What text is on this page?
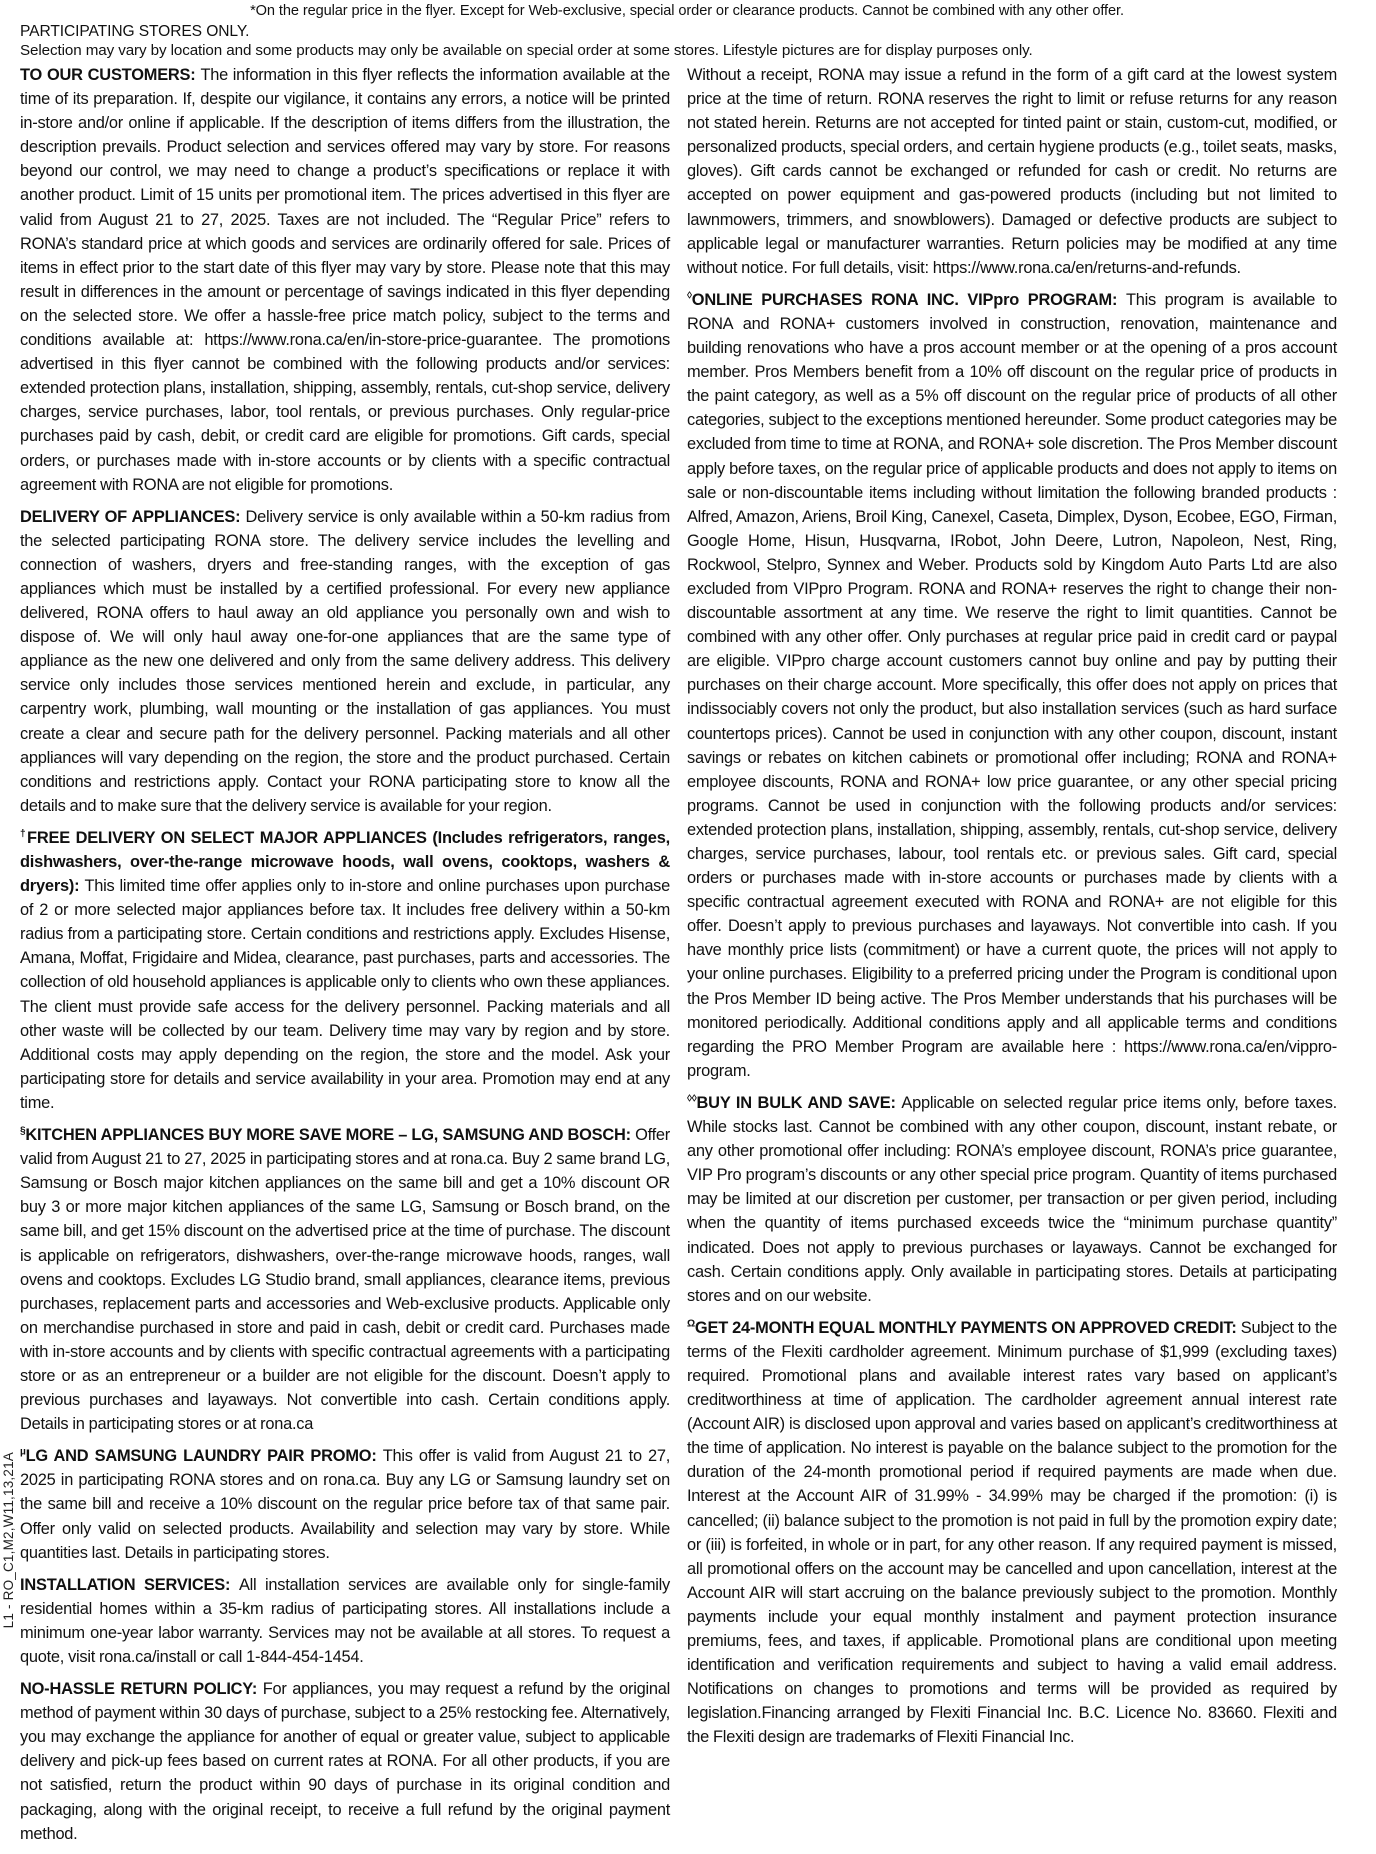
*On the regular price in the flyer. Except for Web-exclusive, special order or clearance products. Cannot be combined with any other offer.
PARTICIPATING STORES ONLY.
Selection may vary by location and some products may only be available on special order at some stores. Lifestyle pictures are for display purposes only.

TO OUR CUSTOMERS: The information in this flyer reflects the information available at the time of its preparation. If, despite our vigilance, it contains any errors, a notice will be printed in-store and/or online if applicable. If the description of items differs from the illustration, the description prevails. Product selection and services offered may vary by store. For reasons beyond our control, we may need to change a product’s specifications or replace it with another product. Limit of 15 units per promotional item. The prices advertised in this flyer are valid from August 21 to 27, 2025. Taxes are not included. The “Regular Price” refers to RONA’s standard price at which goods and services are ordinarily offered for sale. Prices of items in effect prior to the start date of this flyer may vary by store. Please note that this may result in differences in the amount or percentage of savings indicated in this flyer depending on the selected store. We offer a hassle-free price match policy, subject to the terms and conditions available at: https://www.rona.ca/en/in-store-price-guarantee. The promotions advertised in this flyer cannot be combined with the following products and/or services: extended protection plans, installation, shipping, assembly, rentals, cut-shop service, delivery charges, service purchases, labor, tool rentals, or previous purchases. Only regular-price purchases paid by cash, debit, or credit card are eligible for promotions. Gift cards, special orders, or purchases made with in-store accounts or by clients with a specific contractual agreement with RONA are not eligible for promotions.

DELIVERY OF APPLIANCES: Delivery service is only available within a 50-km radius from the selected participating RONA store. The delivery service includes the levelling and connection of washers, dryers and free-standing ranges, with the exception of gas appliances which must be installed by a certified professional. For every new appliance delivered, RONA offers to haul away an old appliance you personally own and wish to dispose of. We will only haul away one-for-one appliances that are the same type of appliance as the new one delivered and only from the same delivery address. This delivery service only includes those services mentioned herein and exclude, in particular, any carpentry work, plumbing, wall mounting or the installation of gas appliances. You must create a clear and secure path for the delivery personnel. Packing materials and all other appliances will vary depending on the region, the store and the product purchased. Certain conditions and restrictions apply. Contact your RONA participating store to know all the details and to make sure that the delivery service is available for your region.

†FREE DELIVERY ON SELECT MAJOR APPLIANCES (Includes refrigerators, ranges, dishwashers, over-the-range microwave hoods, wall ovens, cooktops, washers & dryers): This limited time offer applies only to in-store and online purchases upon purchase of 2 or more selected major appliances before tax. It includes free delivery within a 50-km radius from a participating store. Certain conditions and restrictions apply. Excludes Hisense, Amana, Moffat, Frigidaire and Midea, clearance, past purchases, parts and accessories. The collection of old household appliances is applicable only to clients who own these appliances. The client must provide safe access for the delivery personnel. Packing materials and all other waste will be collected by our team. Delivery time may vary by region and by store. Additional costs may apply depending on the region, the store and the model. Ask your participating store for details and service availability in your area. Promotion may end at any time.

§KITCHEN APPLIANCES BUY MORE SAVE MORE – LG, SAMSUNG AND BOSCH: Offer valid from August 21 to 27, 2025 in participating stores and at rona.ca. Buy 2 same brand LG, Samsung or Bosch major kitchen appliances on the same bill and get a 10% discount OR buy 3 or more major kitchen appliances of the same LG, Samsung or Bosch brand, on the same bill, and get 15% discount on the advertised price at the time of purchase. The discount is applicable on refrigerators, dishwashers, over-the-range microwave hoods, ranges, wall ovens and cooktops. Excludes LG Studio brand, small appliances, clearance items, previous purchases, replacement parts and accessories and Web-exclusive products. Applicable only on merchandise purchased in store and paid in cash, debit or credit card. Purchases made with in-store accounts and by clients with specific contractual agreements with a participating store or as an entrepreneur or a builder are not eligible for the discount. Doesn’t apply to previous purchases and layaways. Not convertible into cash. Certain conditions apply. Details in participating stores or at rona.ca

$^\mu$LG AND SAMSUNG LAUNDRY PAIR PROMO: This offer is valid from August 21 to 27, 2025 in participating RONA stores and on rona.ca. Buy any LG or Samsung laundry set on the same bill and receive a 10% discount on the regular price before tax of that same pair. Offer only valid on selected products. Availability and selection may vary by store. While quantities last. Details in participating stores.

INSTALLATION SERVICES: All installation services are available only for single-family residential homes within a 35-km radius of participating stores. All installations include a minimum one-year labor warranty. Services may not be available at all stores. To request a quote, visit rona.ca/install or call 1-844-454-1454.

NO-HASSLE RETURN POLICY: For appliances, you may request a refund by the original method of payment within 30 days of purchase, subject to a 25% restocking fee. Alternatively, you may exchange the appliance for another of equal or greater value, subject to applicable delivery and pick-up fees based on current rates at RONA. For all other products, if you are not satisfied, return the product within 90 days of purchase in its original condition and packaging, along with the original receipt, to receive a full refund by the original payment method.

Without a receipt, RONA may issue a refund in the form of a gift card at the lowest system price at the time of return. RONA reserves the right to limit or refuse returns for any reason not stated herein. Returns are not accepted for tinted paint or stain, custom-cut, modified, or personalized products, special orders, and certain hygiene products (e.g., toilet seats, masks, gloves). Gift cards cannot be exchanged or refunded for cash or credit. No returns are accepted on power equipment and gas-powered products (including but not limited to lawnmowers, trimmers, and snowblowers). Damaged or defective products are subject to applicable legal or manufacturer warranties. Return policies may be modified at any time without notice. For full details, visit: https://www.rona.ca/en/returns-and-refunds.

◊ONLINE PURCHASES RONA INC. VIPpro PROGRAM: This program is available to RONA and RONA+ customers involved in construction, renovation, maintenance and building renovations who have a pros account member or at the opening of a pros account member. Pros Members benefit from a 10% off discount on the regular price of products in the paint category, as well as a 5% off discount on the regular price of products of all other categories, subject to the exceptions mentioned hereunder. Some product categories may be excluded from time to time at RONA, and RONA+ sole discretion. The Pros Member discount apply before taxes, on the regular price of applicable products and does not apply to items on sale or non-discountable items including without limitation the following branded products : Alfred, Amazon, Ariens, Broil King, Canexel, Caseta, Dimplex, Dyson, Ecobee, EGO, Firman, Google Home, Hisun, Husqvarna, IRobot, John Deere, Lutron, Napoleon, Nest, Ring, Rockwool, Stelpro, Synnex and Weber. Products sold by Kingdom Auto Parts Ltd are also excluded from VIPpro Program. RONA and RONA+ reserves the right to change their non-discountable assortment at any time. We reserve the right to limit quantities. Cannot be combined with any other offer. Only purchases at regular price paid in credit card or paypal are eligible. VIPpro charge account customers cannot buy online and pay by putting their purchases on their charge account. More specifically, this offer does not apply on prices that indissociably covers not only the product, but also installation services (such as hard surface countertops prices). Cannot be used in conjunction with any other coupon, discount, instant savings or rebates on kitchen cabinets or promotional offer including; RONA and RONA+ employee discounts, RONA and RONA+ low price guarantee, or any other special pricing programs. Cannot be used in conjunction with the following products and/or services: extended protection plans, installation, shipping, assembly, rentals, cut-shop service, delivery charges, service purchases, labour, tool rentals etc. or previous sales. Gift card, special orders or purchases made with in-store accounts or purchases made by clients with a specific contractual agreement executed with RONA and RONA+ are not eligible for this offer. Doesn’t apply to previous purchases and layaways. Not convertible into cash. If you have monthly price lists (commitment) or have a current quote, the prices will not apply to your online purchases. Eligibility to a preferred pricing under the Program is conditional upon the Pros Member ID being active. The Pros Member understands that his purchases will be monitored periodically. Additional conditions apply and all applicable terms and conditions regarding the PRO Member Program are available here : https://www.rona.ca/en/vippro-program.

◊◊BUY IN BULK AND SAVE: Applicable on selected regular price items only, before taxes. While stocks last. Cannot be combined with any other coupon, discount, instant rebate, or any other promotional offer including: RONA’s employee discount, RONA’s price guarantee, VIP Pro program’s discounts or any other special price program. Quantity of items purchased may be limited at our discretion per customer, per transaction or per given period, including when the quantity of items purchased exceeds twice the “minimum purchase quantity” indicated. Does not apply to previous purchases or layaways. Cannot be exchanged for cash. Certain conditions apply. Only available in participating stores. Details at participating stores and on our website.

$^\Omega$GET 24-MONTH EQUAL MONTHLY PAYMENTS ON APPROVED CREDIT: Subject to the terms of the Flexiti cardholder agreement. Minimum purchase of $1,999 (excluding taxes) required. Promotional plans and available interest rates vary based on applicant’s creditworthiness at time of application. The cardholder agreement annual interest rate (Account AIR) is disclosed upon approval and varies based on applicant’s creditworthiness at the time of application. No interest is payable on the balance subject to the promotion for the duration of the 24-month promotional period if required payments are made when due. Interest at the Account AIR of 31.99% - 34.99% may be charged if the promotion: (i) is cancelled; (ii) balance subject to the promotion is not paid in full by the promotion expiry date; or (iii) is forfeited, in whole or in part, for any other reason. If any required payment is missed, all promotional offers on the account may be cancelled and upon cancellation, interest at the Account AIR will start accruing on the balance previously subject to the promotion. Monthly payments include your equal monthly instalment and payment protection insurance premiums, fees, and taxes, if applicable. Promotional plans are conditional upon meeting identification and verification requirements and subject to having a valid email address. Notifications on changes to promotions and terms will be provided as required by legislation.Financing arranged by Flexiti Financial Inc. B.C. Licence No. 83660. Flexiti and the Flexiti design are trademarks of Flexiti Financial Inc.

L1 - RO_C1,M2,W11,13,21A
